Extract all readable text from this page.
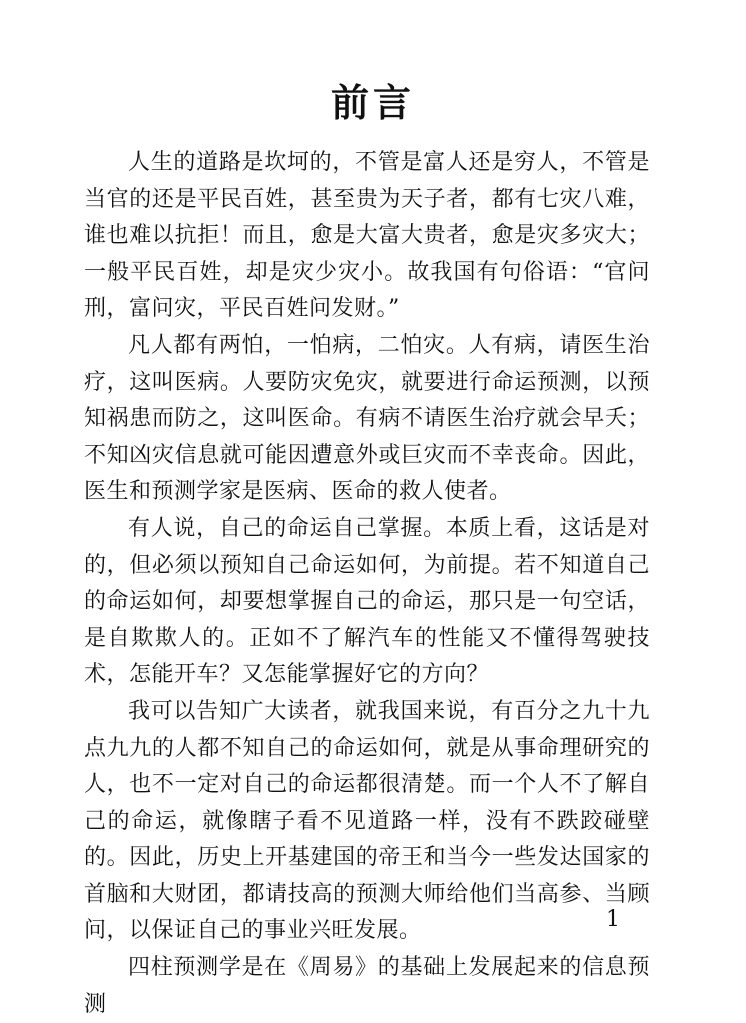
前言

人生的道路是坎坷的，不管是富人还是穷人，不管是当官的还是平民百姓，甚至贵为天子者，都有七灾八难，谁也难以抗拒！而且，愈是大富大贵者，愈是灾多灾大；一般平民百姓，却是灾少灾小。故我国有句俗语：“官问刑，富问灾，平民百姓问发财。”

凡人都有两怕，一怕病，二怕灾。人有病，请医生治疗，这叫医病。人要防灾免灾，就要进行命运预测，以预知祸患而防之，这叫医命。有病不请医生治疗就会早夭；不知凶灾信息就可能因遭意外或巨灾而不幸丧命。因此，医生和预测学家是医病、医命的救人使者。

有人说，自己的命运自己掌握。本质上看，这话是对的，但必须以预知自己命运如何，为前提。若不知道自己的命运如何，却要想掌握自己的命运，那只是一句空话，是自欺欺人的。正如不了解汽车的性能又不懂得驾驶技术，怎能开车？又怎能掌握好它的方向？

我可以告知广大读者，就我国来说，有百分之九十九点九九的人都不知自己的命运如何，就是从事命理研究的人，也不一定对自己的命运都很清楚。而一个人不了解自己的命运，就像瞎子看不见道路一样，没有不跌跤碰壁的。因此，历史上开基建国的帝王和当今一些发达国家的首脑和大财团，都请技高的预测大师给他们当高参、当顾问，以保证自己的事业兴旺发展。

四柱预测学是在《周易》的基础上发展起来的信息预测

1
